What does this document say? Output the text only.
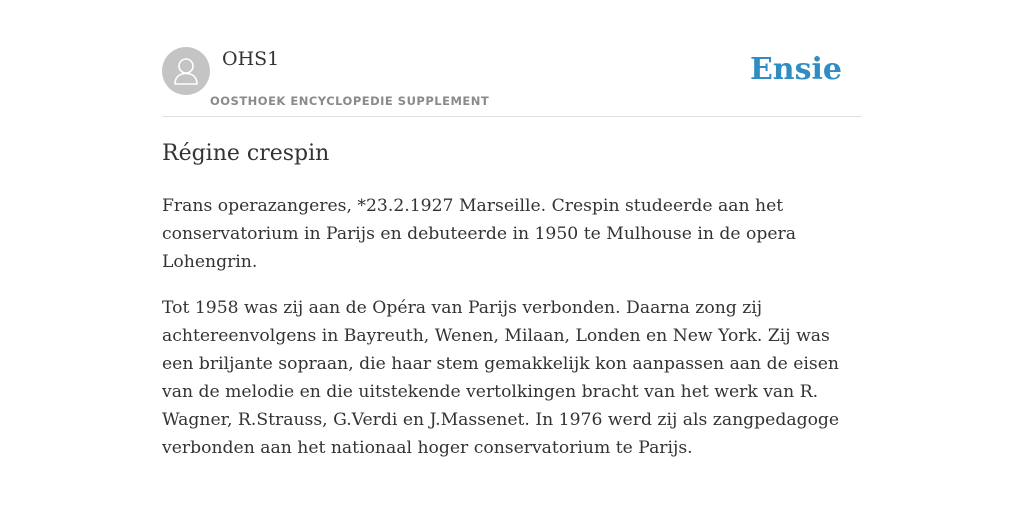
OHS1
OOSTHOEK ENCYCLOPEDIE SUPPLEMENT
Ensie
Régine crespin

Frans operazangeres, *23.2.1927 Marseille. Crespin studeerde aan het conservatorium in Parijs en debuteerde in 1950 te Mulhouse in de opera Lohengrin.

Tot 1958 was zij aan de Opéra van Parijs verbonden. Daarna zong zij achtereenvolgens in Bayreuth, Wenen, Milaan, Londen en New York. Zij was een briljante sopraan, die haar stem gemakkelijk kon aanpassen aan de eisen van de melodie en die uitstekende vertolkingen bracht van het werk van R. Wagner, R.Strauss, G.Verdi en J.Massenet. In 1976 werd zij als zangpedagoge verbonden aan het nationaal hoger conservatorium te Parijs.
